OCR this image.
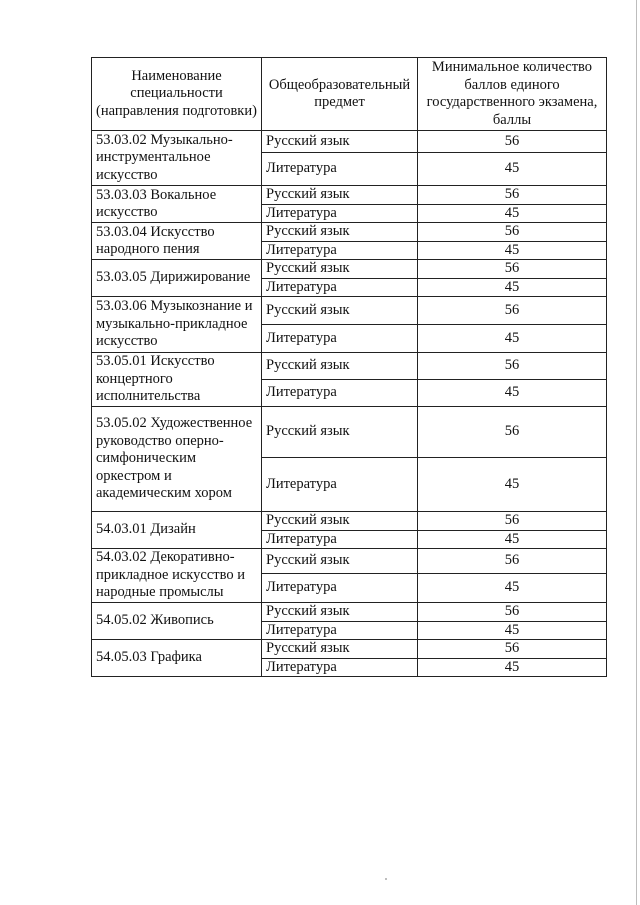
Наименование специальности (направления подготовки)	Общеобразовательный предмет	Минимальное количество баллов единого государственного экзамена, баллы
53.03.02 Музыкально-инструментальное искусство	Русский язык	56
	Литература	45
53.03.03 Вокальное искусство	Русский язык	56
	Литература	45
53.03.04 Искусство народного пения	Русский язык	56
	Литература	45
53.03.05 Дирижирование	Русский язык	56
	Литература	45
53.03.06 Музыкознание и музыкально-прикладное искусство	Русский язык	56
	Литература	45
53.05.01 Искусство концертного исполнительства	Русский язык	56
	Литература	45
53.05.02 Художественное руководство оперно-симфоническим оркестром и академическим хором	Русский язык	56
	Литература	45
54.03.01 Дизайн	Русский язык	56
	Литература	45
54.03.02 Декоративно-прикладное искусство и народные промыслы	Русский язык	56
	Литература	45
54.05.02 Живопись	Русский язык	56
	Литература	45
54.05.03 Графика	Русский язык	56
	Литература	45
